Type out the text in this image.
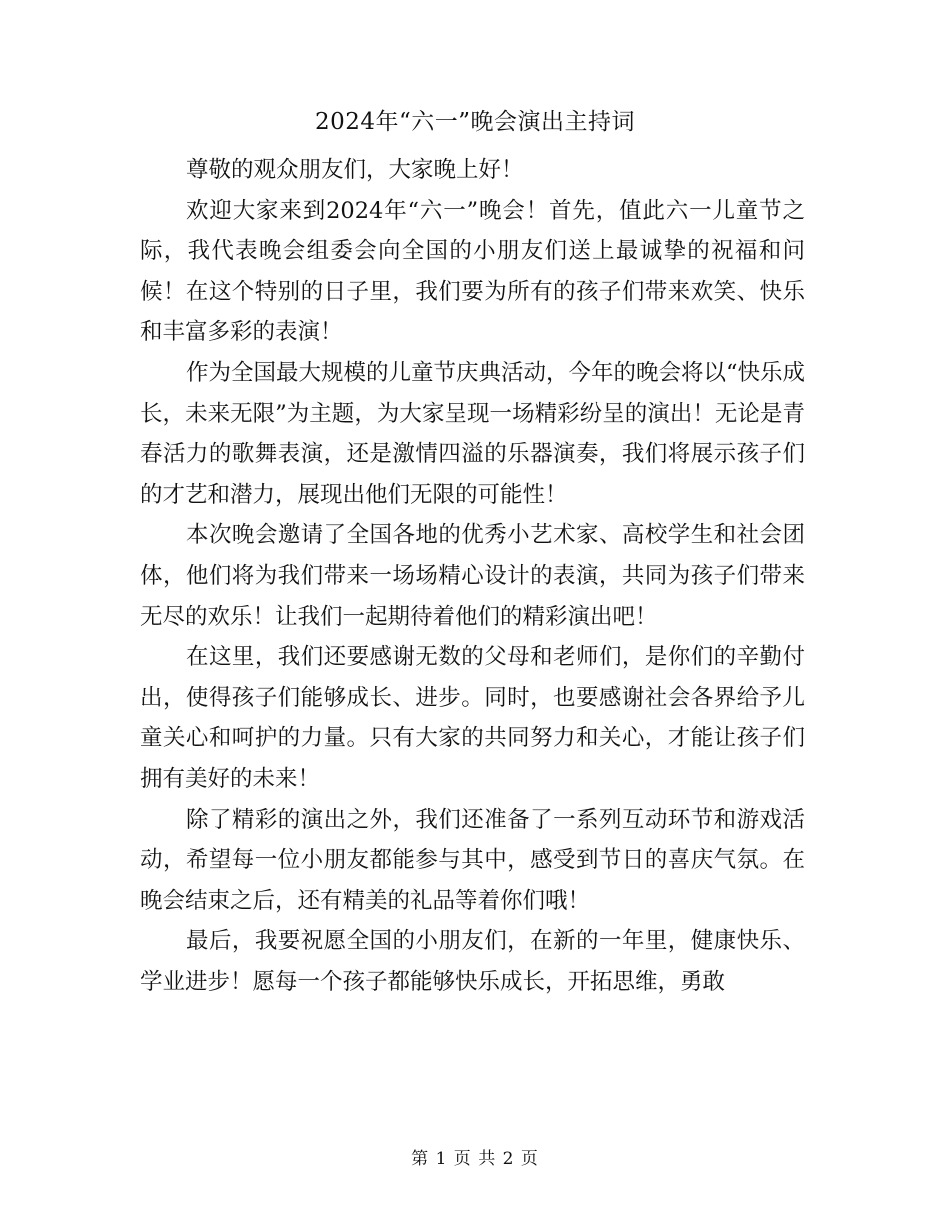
2024年“六一”晚会演出主持词

尊敬的观众朋友们，大家晚上好！

欢迎大家来到2024年“六一”晚会！首先，值此六一儿童节之际，我代表晚会组委会向全国的小朋友们送上最诚挚的祝福和问候！在这个特别的日子里，我们要为所有的孩子们带来欢笑、快乐和丰富多彩的表演！

作为全国最大规模的儿童节庆典活动，今年的晚会将以“快乐成长，未来无限”为主题，为大家呈现一场精彩纷呈的演出！无论是青春活力的歌舞表演，还是激情四溢的乐器演奏，我们将展示孩子们的才艺和潜力，展现出他们无限的可能性！

本次晚会邀请了全国各地的优秀小艺术家、高校学生和社会团体，他们将为我们带来一场场精心设计的表演，共同为孩子们带来无尽的欢乐！让我们一起期待着他们的精彩演出吧！

在这里，我们还要感谢无数的父母和老师们，是你们的辛勤付出，使得孩子们能够成长、进步。同时，也要感谢社会各界给予儿童关心和呵护的力量。只有大家的共同努力和关心，才能让孩子们拥有美好的未来！

除了精彩的演出之外，我们还准备了一系列互动环节和游戏活动，希望每一位小朋友都能参与其中，感受到节日的喜庆气氛。在晚会结束之后，还有精美的礼品等着你们哦！

最后，我要祝愿全国的小朋友们，在新的一年里，健康快乐、学业进步！愿每一个孩子都能够快乐成长，开拓思维，勇敢

第 1 页 共 2 页
